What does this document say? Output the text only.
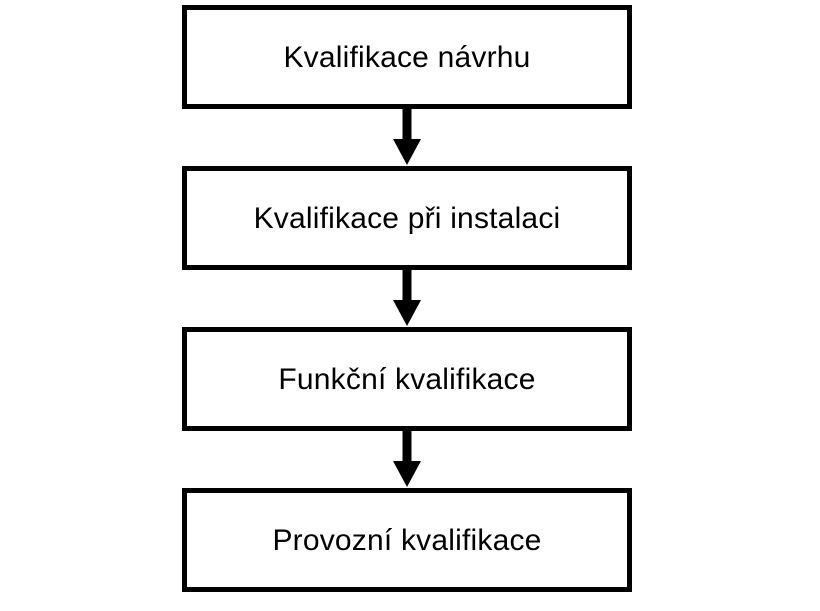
Kvalifikace návrhu
Kvalifikace při instalaci
Funkční kvalifikace
Provozní kvalifikace
